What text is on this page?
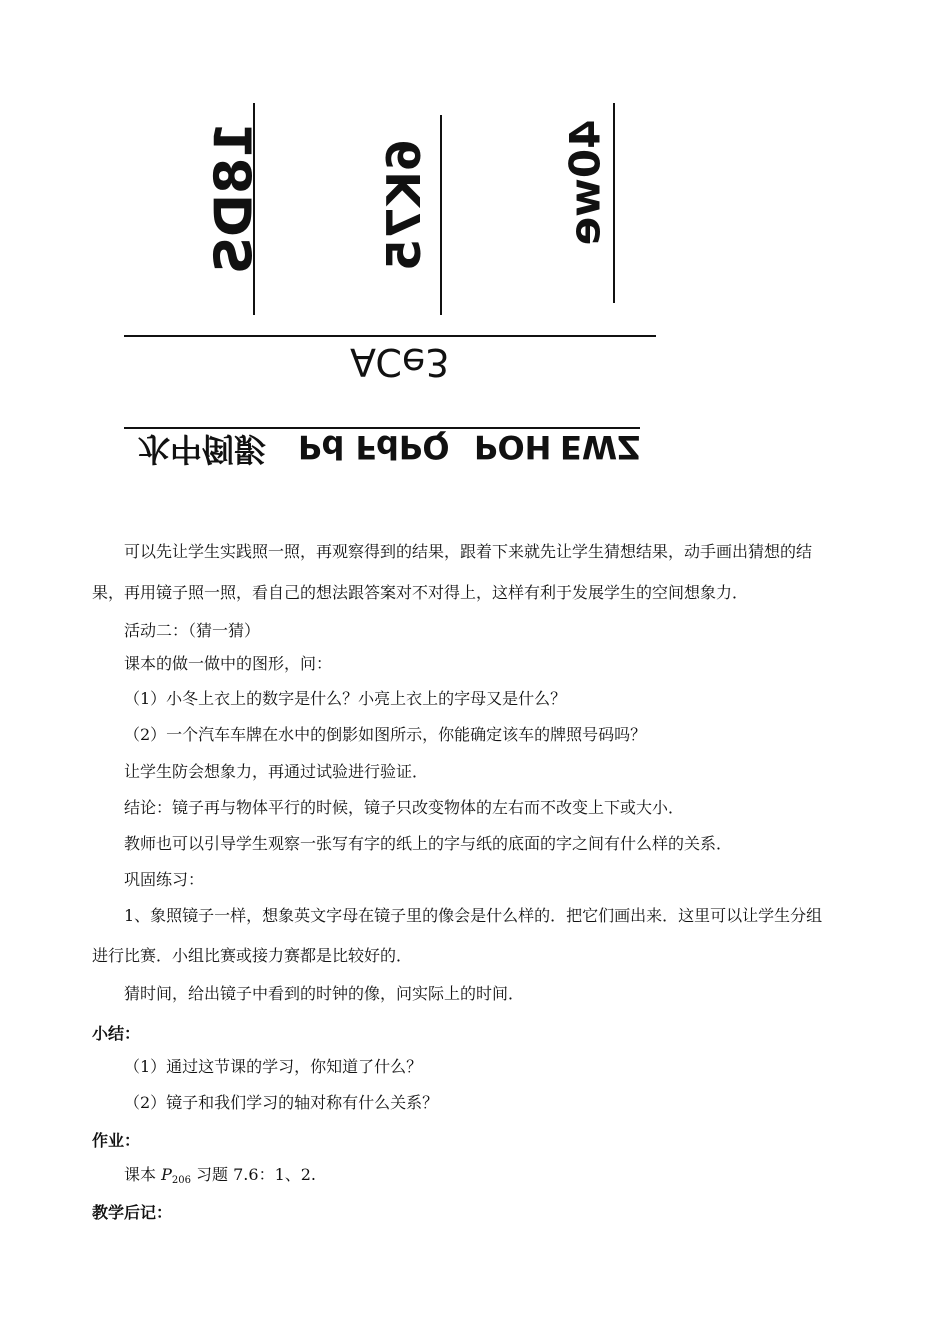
18DS 6K75	40we
ACe3
水中倒影 Pd F
dPQ POH EWZ
可以先让学生实践照一照，再观察得到的结果，跟着下来就先让学生猜想结果，动手画出猜想的结
果，再用镜子照一照，看自己的想法跟答案对不对得上，这样有利于发展学生的空间想象力．
活动二：（猜一猜）
课本的做一做中的图形，问：
（1）小冬上衣上的数字是什么？小亮上衣上的字母又是什么？
（2）一个汽车车牌在水中的倒影如图所示，你能确定该车的牌照号码吗？
让学生防会想象力，再通过试验进行验证．
结论：镜子再与物体平行的时候，镜子只改变物体的左右而不改变上下或大小．
教师也可以引导学生观察一张写有字的纸上的字与纸的底面的字之间有什么样的关系．
巩固练习：
1、象照镜子一样，想象英文字母在镜子里的像会是什么样的．把它们画出来．这里可以让学生分组
进行比赛．小组比赛或接力赛都是比较好的．
猜时间，给出镜子中看到的时钟的像，问实际上的时间．
小结：
（1）通过这节课的学习，你知道了什么？
（2）镜子和我们学习的轴对称有什么关系？
作业：
课本 $P_{206}$ 习题 7.6：1、2.
教学后记：
